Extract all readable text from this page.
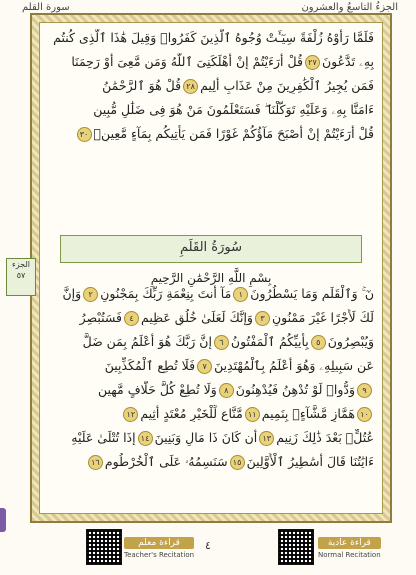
سورة القلم	الجزءُ التاسعُ والعشرون
فَلَمَّا رَأَوْهُ زُلْفَةً سِيٓـَٔتْ وُجُوهُ ٱلَّذِينَ كَفَرُوا۟ وَقِيلَ هَٰذَا ٱلَّذِى كُنتُم
بِهِۦ تَدَّعُونَ٢٧قُلْ أَرَءَيْتُمْ إِنْ أَهْلَكَنِىَ ٱللَّهُ وَمَن مَّعِىَ أَوْ رَحِمَنَا
فَمَن يُجِيرُ ٱلْكَٰفِرِينَ مِنْ عَذَابٍ أَلِيمٍ٢٨قُلْ هُوَ ٱلرَّحْمَٰنُ
ءَامَنَّا بِهِۦ وَعَلَيْهِ تَوَكَّلْنَا ۖ فَسَتَعْلَمُونَ مَنْ هُوَ فِى ضَلَٰلٍ مُّبِينٍ
قُلْ أَرَءَيْتُمْ إِنْ أَصْبَحَ مَآؤُكُمْ غَوْرًا فَمَن يَأْتِيكُم بِمَآءٍ مَّعِينٍۭ٣٠
نٓ ۚ وَٱلْقَلَمِ وَمَا يَسْطُرُونَ١مَآ أَنتَ بِنِعْمَةِ رَبِّكَ بِمَجْنُونٍ٢وَإِنَّ
لَكَ لَأَجْرًا غَيْرَ مَمْنُونٍ٣وَإِنَّكَ لَعَلَىٰ خُلُقٍ عَظِيمٍ٤فَسَتُبْصِرُ
وَيُبْصِرُونَ٥بِأَييِّكُمُ ٱلْمَفْتُونُ٦إِنَّ رَبَّكَ هُوَ أَعْلَمُ بِمَن ضَلَّ
عَن سَبِيلِهِۦ وَهُوَ أَعْلَمُ بِٱلْمُهْتَدِينَ٧فَلَا تُطِعِ ٱلْمُكَذِّبِينَ
٩وَدُّوا۟ لَوْ تُدْهِنُ فَيُدْهِنُونَ٨وَلَا تُطِعْ كُلَّ حَلَّافٍ مَّهِينٍ
١٠هَمَّازٍ مَّشَّآءٍۭ بِنَمِيمٍ١١مَّنَّاعٍ لِّلْخَيْرِ مُعْتَدٍ أَثِيمٍ١٢
عُتُلٍّۭ بَعْدَ ذَٰلِكَ زَنِيمٍ١٣أَن كَانَ ذَا مَالٍ وَبَنِينَ١٤إِذَا تُتْلَىٰ عَلَيْهِ
ءَايَٰتُنَا قَالَ أَسَٰطِيرُ ٱلْأَوَّلِينَ١٥سَنَسِمُهُۥ عَلَى ٱلْخُرْطُومِ١٦
سُورَةُ القَلَمِ
بِسْمِ اللَّهِ الرَّحْمَٰنِ الرَّحِيمِ
الجزء
٥٧
قراءة معلم
Teacher's Recitation
٤	قراءة عادية
Normal Recitation
